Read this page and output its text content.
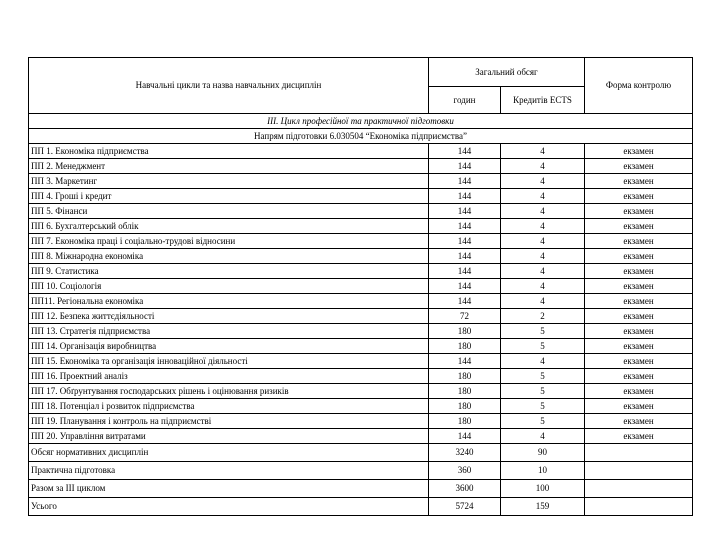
Навчальні цикли та назва навчальних дисциплін	Загальний обсяг		Форма контролю
	годин	Кредитів ECTS	
ІІІ. Цикл професійної та практичної підготовки			
Напрям підготовки 6.030504 “Економіка підприємства”			
ПП 1. Економіка підприємства	144	4	екзамен
ПП 2. Менеджмент	144	4	екзамен
ПП 3. Маркетинг	144	4	екзамен
ПП 4. Гроші і кредит	144	4	екзамен
ПП 5. Фінанси	144	4	екзамен
ПП 6. Бухгалтерський облік	144	4	екзамен
ПП 7. Економіка праці і соціально-трудові відносини	144	4	екзамен
ПП 8. Міжнародна економіка	144	4	екзамен
ПП 9. Статистика	144	4	екзамен
ПП 10. Соціологія	144	4	екзамен
ПП11. Регіональна економіка	144	4	екзамен
ПП 12. Безпека життєдіяльності	72	2	екзамен
ПП 13. Стратегія підприємства	180	5	екзамен
ПП 14. Організація виробництва	180	5	екзамен
ПП 15. Економіка та організація інноваційної діяльності	144	4	екзамен
ПП 16. Проектний аналіз	180	5	екзамен
ПП 17. Обґрунтування господарських рішень і оцінювання ризиків	180	5	екзамен
ПП 18. Потенціал і розвиток підприємства	180	5	екзамен
ПП 19. Планування і контроль на підприємстві	180	5	екзамен
ПП 20. Управління витратами	144	4	екзамен
Обсяг нормативних дисциплін	3240	90	
Практична підготовка	360	10	
Разом за ІІІ циклом	3600	100	
Усього	5724	159	
